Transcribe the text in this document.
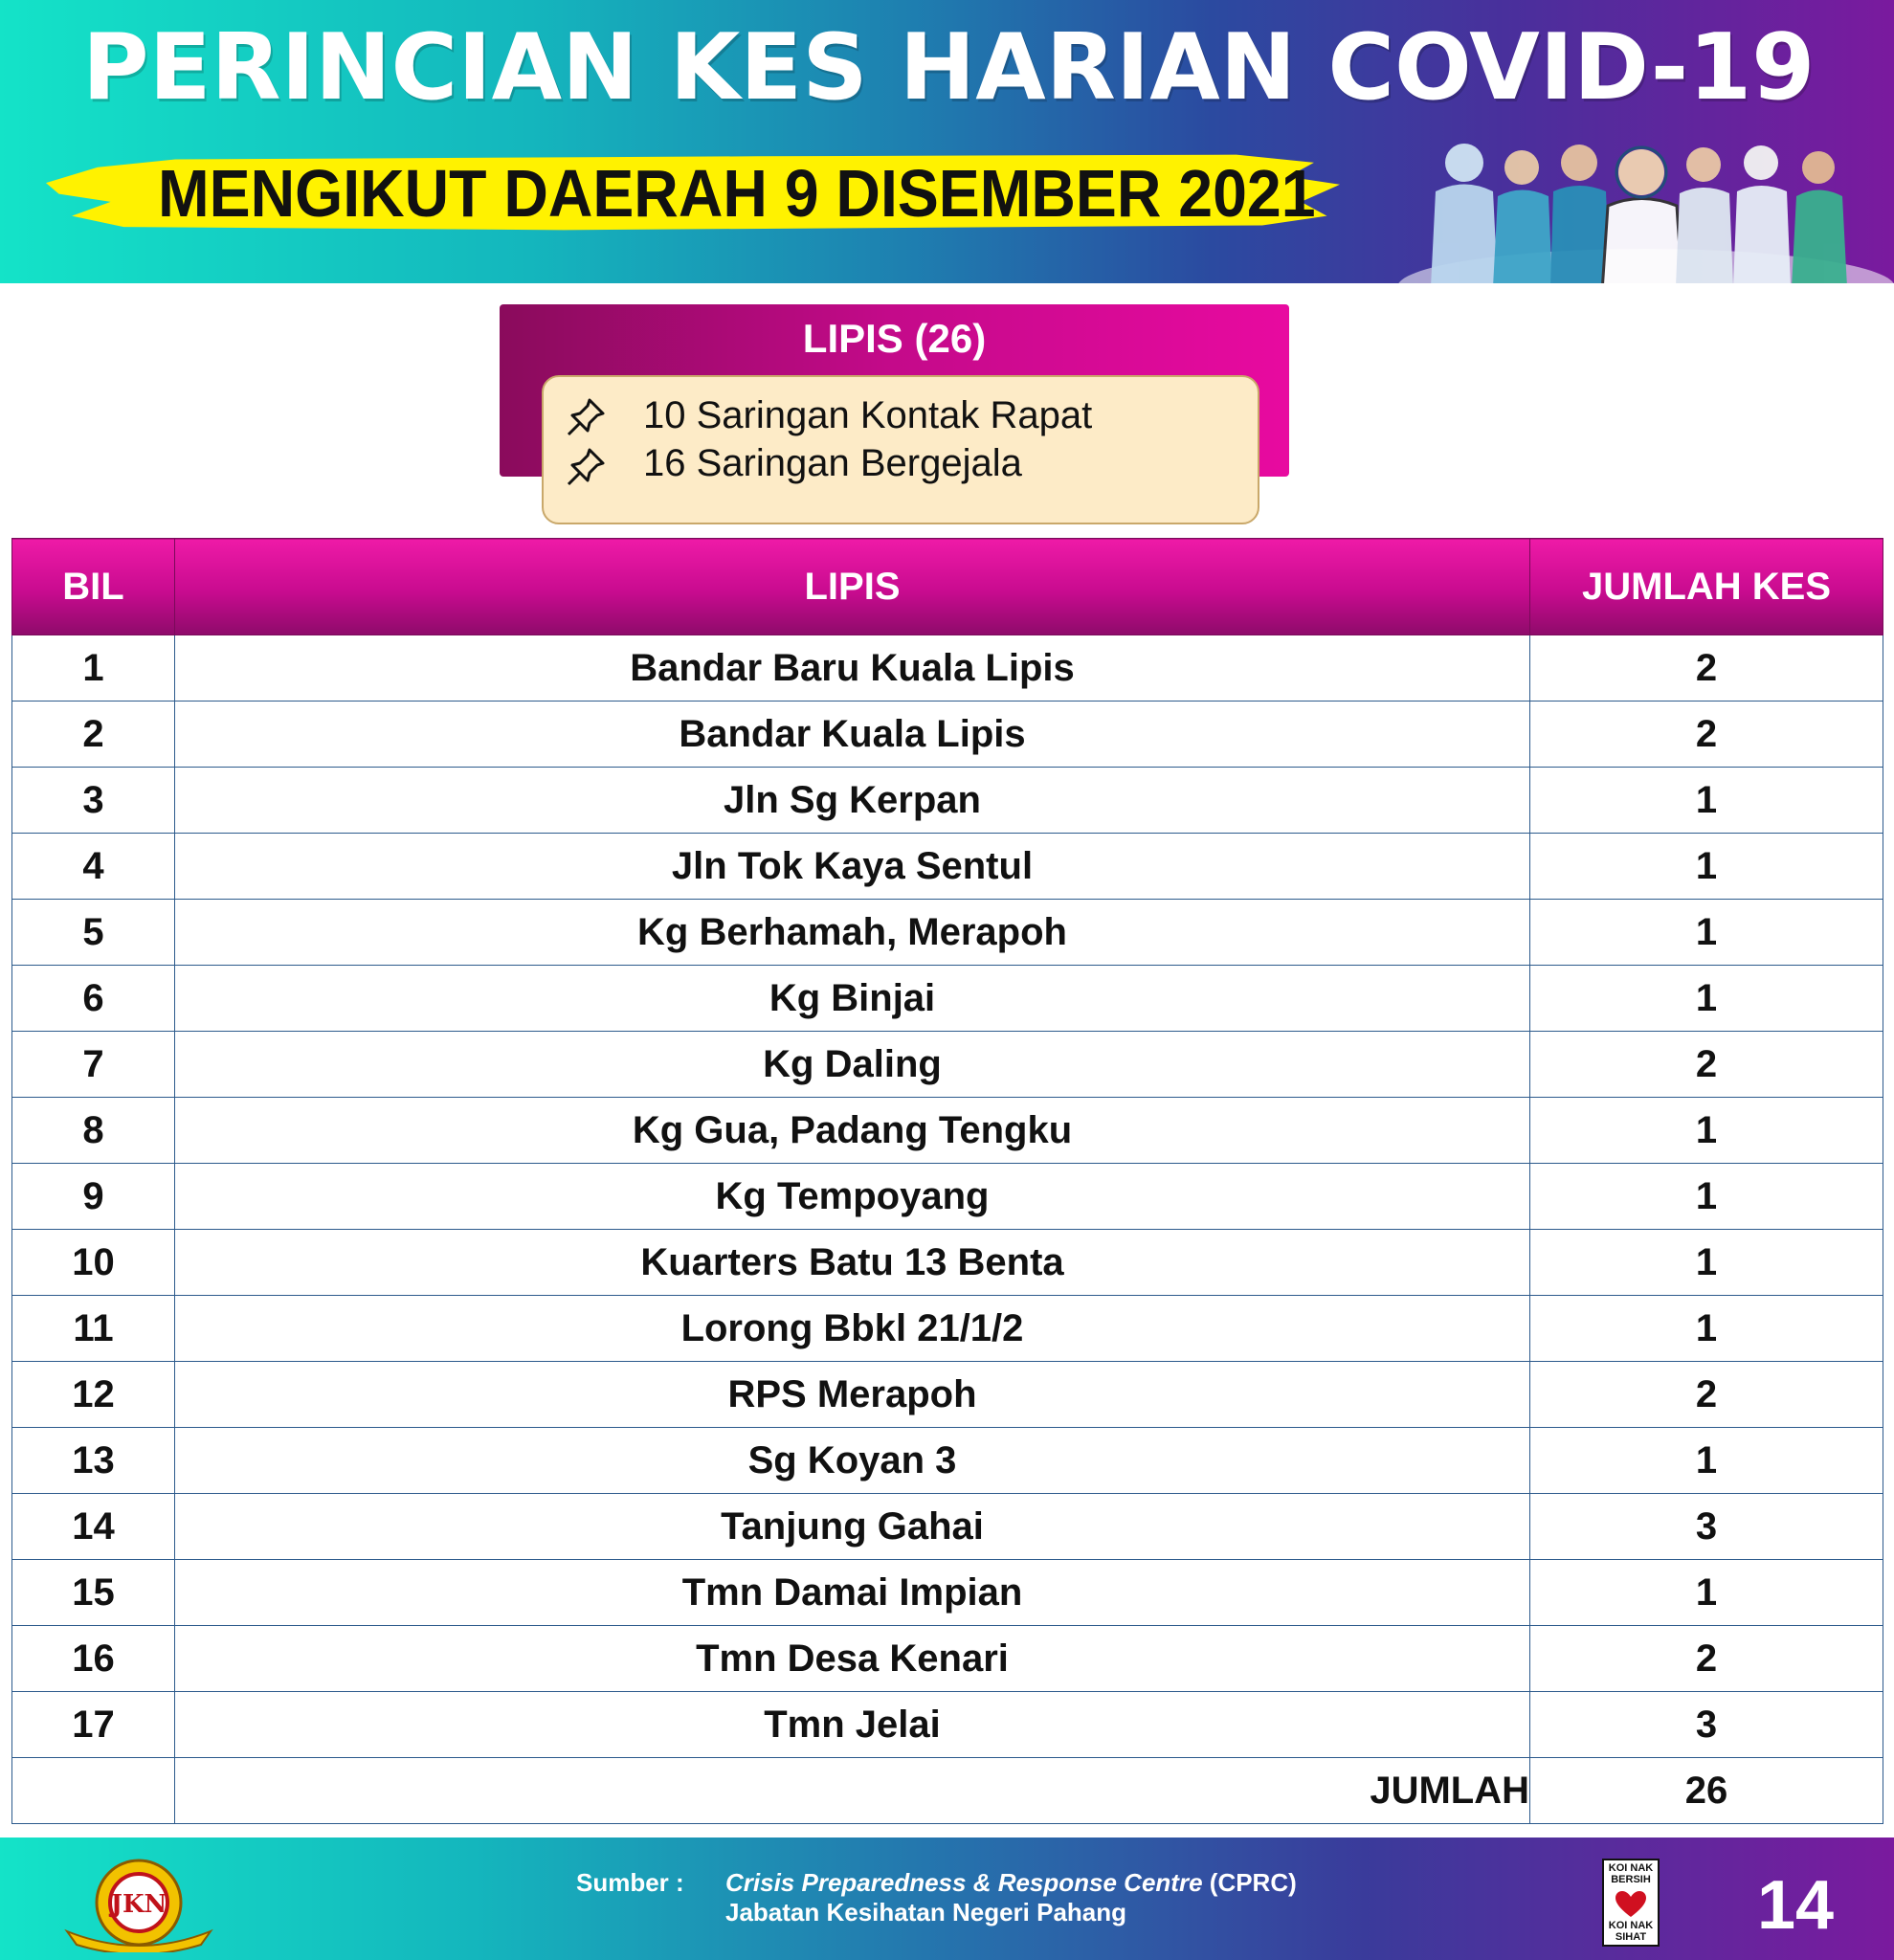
PERINCIAN KES HARIAN COVID-19
MENGIKUT DAERAH 9 DISEMBER 2021
LIPIS (26)
10 Saringan Kontak Rapat
16 Saringan Bergejala
BIL	LIPIS	JUMLAH KES
1	Bandar Baru Kuala Lipis	2
2	Bandar Kuala Lipis	2
3	Jln Sg Kerpan	1
4	Jln Tok Kaya Sentul	1
5	Kg Berhamah, Merapoh	1
6	Kg Binjai	1
7	Kg Daling	2
8	Kg Gua, Padang Tengku	1
9	Kg Tempoyang	1
10	Kuarters Batu 13 Benta	1
11	Lorong Bbkl 21/1/2	1
12	RPS Merapoh	2
13	Sg Koyan 3	1
14	Tanjung Gahai	3
15	Tmn Damai Impian	1
16	Tmn Desa Kenari	2
17	Tmn Jelai	3
	JUMLAH	26
JKN
Sumber : Crisis Preparedness & Response Centre (CPRC)
Jabatan Kesihatan Negeri Pahang
KOI NAK BERSIH
KOI NAK SIHAT 14
